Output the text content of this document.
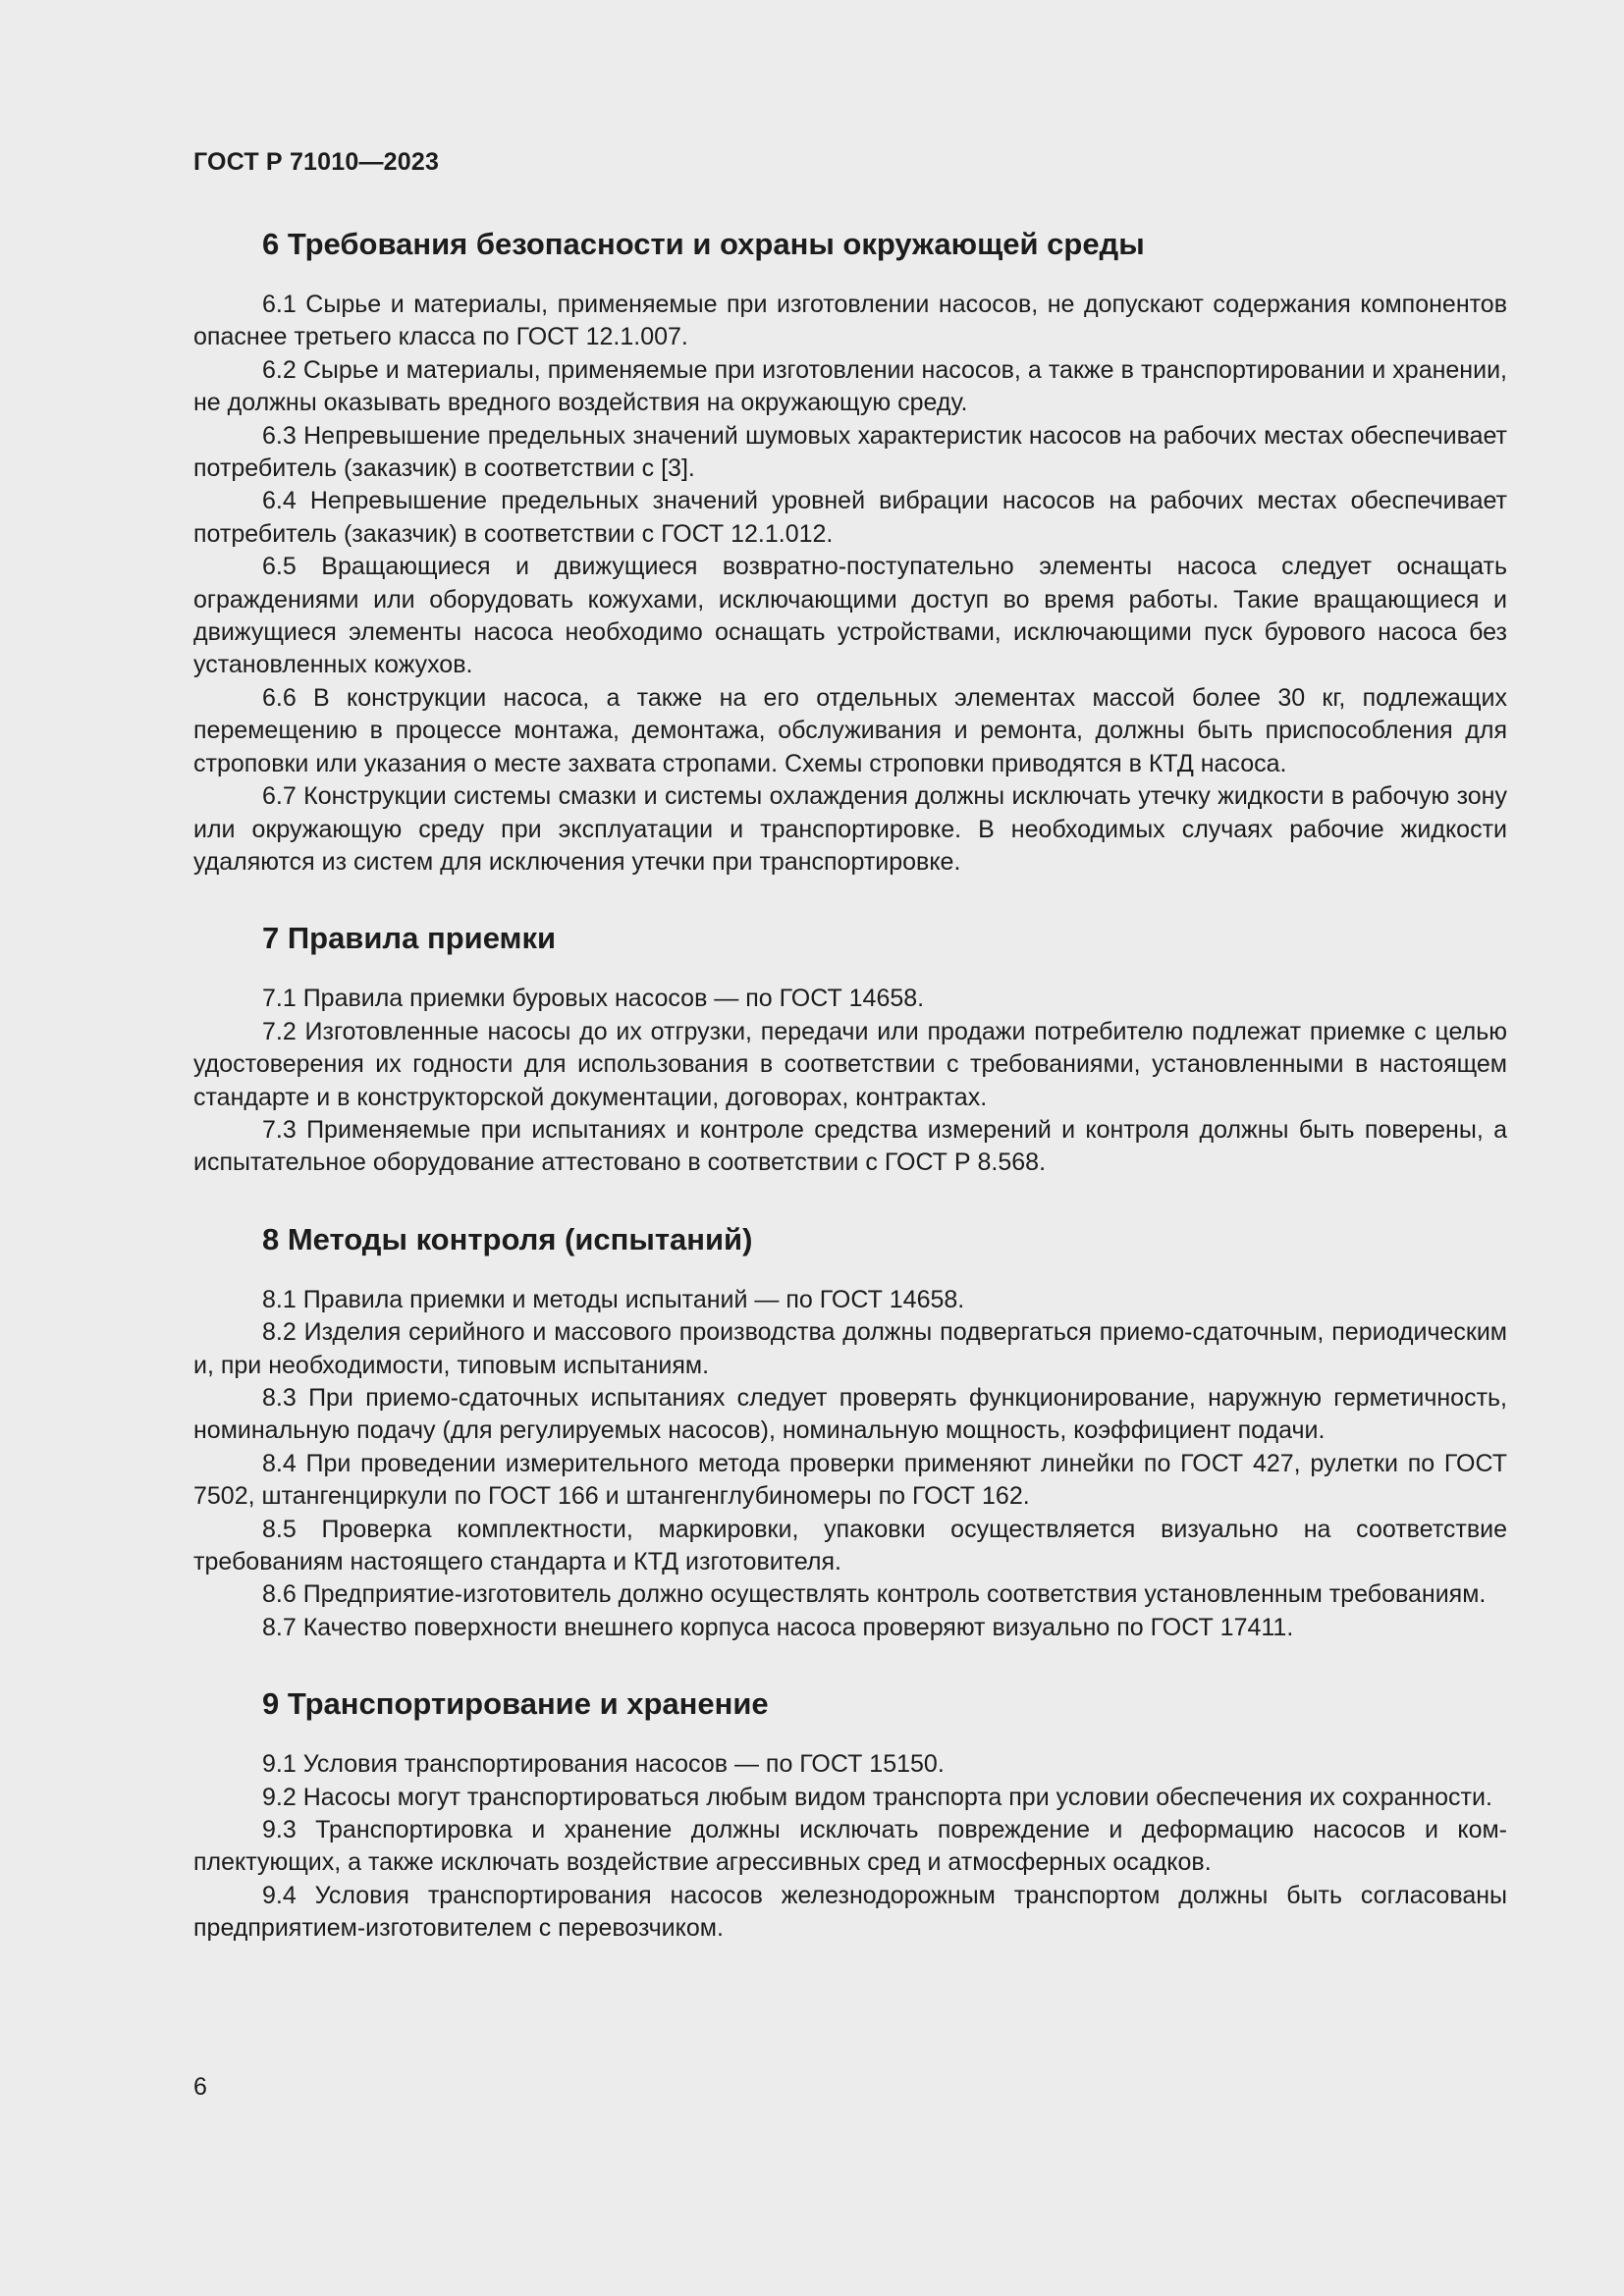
ГОСТ Р 71010—2023
6 Требования безопасности и охраны окружающей среды

6.1 Сырье и материалы, применяемые при изготовлении насосов, не допускают содержания компонентов опаснее третьего класса по ГОСТ 12.1.007.

6.2 Сырье и материалы, применяемые при изготовлении насосов, а также в транспортировании и хранении, не должны оказывать вредного воздействия на окружающую среду.

6.3 Непревышение предельных значений шумовых характеристик насосов на рабочих местах обеспечивает потребитель (заказчик) в соответствии с [3].

6.4 Непревышение предельных значений уровней вибрации насосов на рабочих местах обеспечивает потребитель (заказчик) в соответствии с ГОСТ 12.1.012.

6.5 Вращающиеся и движущиеся возвратно-поступательно элементы насоса следует оснащать ограждениями или оборудовать кожухами, исключающими доступ во время работы. Такие вращающиеся и движущиеся элементы насоса необходимо оснащать устройствами, исключающими пуск бурового насоса без установленных кожухов.

6.6 В конструкции насоса, а также на его отдельных элементах массой более 30 кг, подлежащих перемещению в процессе монтажа, демонтажа, обслуживания и ремонта, должны быть приспособления для строповки или указания о месте захвата стропами. Схемы строповки приводятся в КТД насоса.

6.7 Конструкции системы смазки и системы охлаждения должны исключать утечку жидкости в рабочую зону или окружающую среду при эксплуатации и транспортировке. В необходимых случаях рабочие жидкости удаляются из систем для исключения утечки при транспортировке.

7 Правила приемки

7.1 Правила приемки буровых насосов — по ГОСТ 14658.

7.2 Изготовленные насосы до их отгрузки, передачи или продажи потребителю подлежат приемке с целью удостоверения их годности для использования в соответствии с требованиями, установленными в настоящем стандарте и в конструкторской документации, договорах, контрактах.

7.3 Применяемые при испытаниях и контроле средства измерений и контроля должны быть поверены, а испытательное оборудование аттестовано в соответствии с ГОСТ Р 8.568.

8 Методы контроля (испытаний)

8.1 Правила приемки и методы испытаний — по ГОСТ 14658.

8.2 Изделия серийного и массового производства должны подвергаться приемо-сдаточным, периодическим и, при необходимости, типовым испытаниям.

8.3 При приемо-сдаточных испытаниях следует проверять функционирование, наружную герметичность, номинальную подачу (для регулируемых насосов), номинальную мощность, коэффициент подачи.

8.4 При проведении измерительного метода проверки применяют линейки по ГОСТ 427, рулетки по ГОСТ 7502, штангенциркули по ГОСТ 166 и штангенглубиномеры по ГОСТ 162.

8.5 Проверка комплектности, маркировки, упаковки осуществляется визуально на соответствие требованиям настоящего стандарта и КТД изготовителя.

8.6 Предприятие-изготовитель должно осуществлять контроль соответствия установленным требованиям.

8.7 Качество поверхности внешнего корпуса насоса проверяют визуально по ГОСТ 17411.

9 Транспортирование и хранение

9.1 Условия транспортирования насосов — по ГОСТ 15150.

9.2 Насосы могут транспортироваться любым видом транспорта при условии обеспечения их сохранности.

9.3 Транспортировка и хранение должны исключать повреждение и деформацию насосов и комплектующих, а также исключать воздействие агрессивных сред и атмосферных осадков.

9.4 Условия транспортирования насосов железнодорожным транспортом должны быть согласованы предприятием-изготовителем с перевозчиком.

6
